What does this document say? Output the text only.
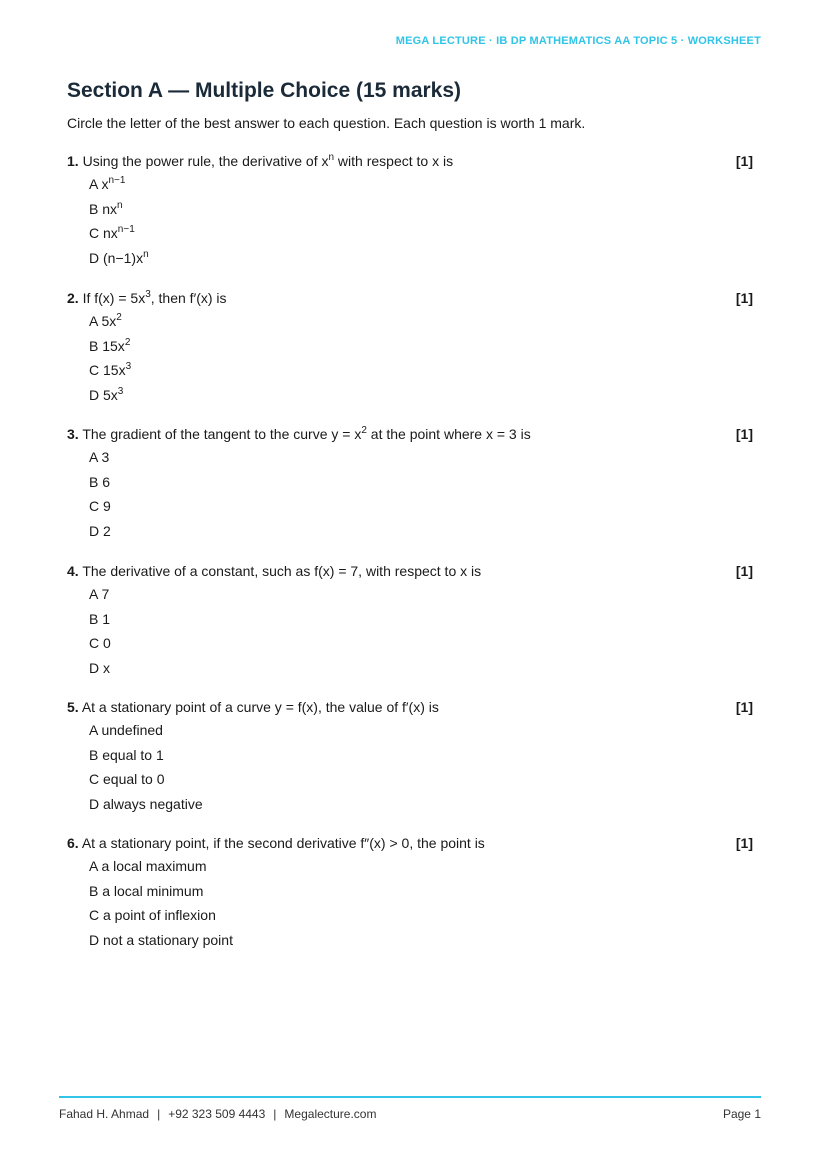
MEGA LECTURE · IB DP MATHEMATICS AA TOPIC 5 · WORKSHEET
Section A — Multiple Choice (15 marks)
Circle the letter of the best answer to each question. Each question is worth 1 mark.
1. Using the power rule, the derivative of $x^n$ with respect to x is	[1]
A $x^{n-1}$
B $nx^n$
C $nx^{n-1}$
D $(n-1)x^n$
2. If $f(x) = 5x^3$, then f′(x) is	[1]
A $5x^2$
B $15x^2$
C $15x^3$
D $5x^3$
3. The gradient of the tangent to the curve $y = x^2$ at the point where x = 3 is	[1]
A 3
B 6
C 9
D 2
4. The derivative of a constant, such as f(x) = 7, with respect to x is	[1]
A 7
B 1
C 0
D x
5. At a stationary point of a curve y = f(x), the value of f′(x) is	[1]
A undefined
B equal to 1
C equal to 0
D always negative
6. At a stationary point, if the second derivative f″(x) > 0, the point is	[1]
A a local maximum
B a local minimum
C a point of inflexion
D not a stationary point
Fahad H. Ahmad | +92 323 509 4443 | Megalecture.com	Page 1
